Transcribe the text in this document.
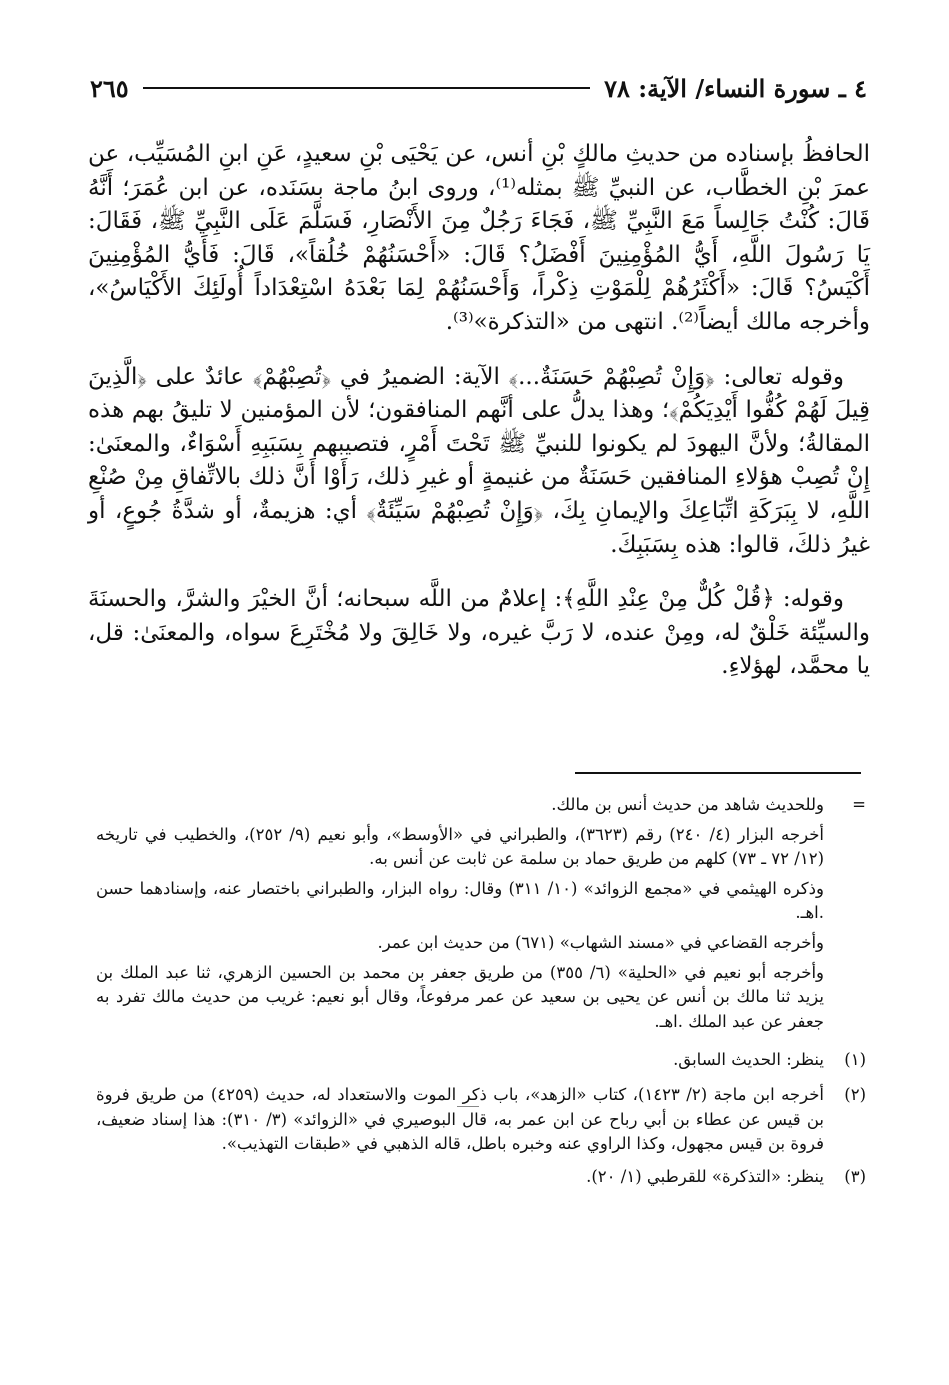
٤ ـ سورة النساء/ الآية: ٧٨
٢٦٥

الحافظُ بإسناده من حديثِ مالكٍ بْنِ أنس، عن يَحْيَى بْنِ سعيدٍ، عَنِ ابنِ المُسَيِّب، عن عمرَ بْنِ الخطَّاب، عن النبيِّ ﷺ بمثله⁽¹⁾، وروى ابنُ ماجة بسَنَده، عن ابن عُمَرَ؛ أَنَّهُ قَالَ: كُنْتُ جَالِساً مَعَ النَّبِيِّ ﷺ، فَجَاءَ رَجُلٌ مِنَ الأَنْصَارِ، فَسَلَّمَ عَلَى النَّبِيِّ ﷺ، فَقَالَ: يَا رَسُولَ اللَّهِ، أَيُّ المُؤْمِنِينَ أَفْضَلُ؟ قَالَ: «أَحْسَنُهُمْ خُلُقاً»، قَالَ: فَأَيُّ المُؤْمِنِينَ أَكْيَسُ؟ قَالَ: «أَكْثَرُهُمْ لِلْمَوْتِ ذِكْراً، وَأَحْسَنُهُمْ لِمَا بَعْدَهُ اسْتِعْدَاداً أُولَئِكَ الأَكْيَاسُ»، وأخرجه مالك أيضاً⁽²⁾. انتهى من «التذكرة»⁽³⁾.

وقوله تعالى: ﴿وَإِنْ تُصِبْهُمْ حَسَنَةٌ...﴾ الآية: الضميرُ في ﴿تُصِبْهُمْ﴾ عائدٌ على ﴿الَّذِينَ قِيلَ لَهُمْ كُفُّوا أَيْدِيَكُمْ﴾؛ وهذا يدلُّ على أنَّهم المنافقون؛ لأن المؤمنين لا تليقُ بهم هذه المقالةُ؛ ولأنَّ اليهودَ لم يكونوا للنبيِّ ﷺ تَحْتَ أَمْرٍ، فتصيبهم بِسَبَبِهِ أَسْوَاءٌ، والمعنَىٰ: إِنْ تُصِبْ هؤلاءِ المنافقين حَسَنَةٌ من غنيمةٍ أو غيرِ ذلك، رَأَوْا أَنَّ ذلك بالاتِّفاقِ مِنْ صُنْعِ اللَّهِ، لا بِبَرَكَةِ اتِّبَاعِكَ والإيمانِ بِكَ، ﴿وَإِنْ تُصِبْهُمْ سَيِّئَةٌ﴾ أي: هزيمةٌ، أو شدَّةُ جُوعٍ، أو غيرُ ذلكَ، قالوا: هذه بِسَبَبِكَ.

وقوله: ﴿قُلْ كُلٌّ مِنْ عِنْدِ اللَّهِ﴾: إعلامٌ من اللَّه سبحانه؛ أنَّ الخيْرَ والشرَّ، والحسنَةَ والسيِّئة خَلْقٌ له، ومِنْ عنده، لا رَبَّ غيره، ولا خَالِقَ ولا مُخْتَرِعَ سواه، والمعنَىٰ: قل، يا محمَّد، لهؤلاءِ.

=
وللحديث شاهد من حديث أنس بن مالك.
أخرجه البزار (٤/ ٢٤٠) رقم (٣٦٢٣)، والطبراني في «الأوسط»، وأبو نعيم (٩/ ٢٥٢)، والخطيب في تاريخه (١٢/ ٧٢ ـ ٧٣) كلهم من طريق حماد بن سلمة عن ثابت عن أنس به.
وذكره الهيثمي في «مجمع الزوائد» (١٠/ ٣١١) وقال: رواه البزار، والطبراني باختصار عنه، وإسنادهما حسن .اهـ.
وأخرجه القضاعي في «مسند الشهاب» (٦٧١) من حديث ابن عمر.
وأخرجه أبو نعيم في «الحلية» (٦/ ٣٥٥) من طريق جعفر بن محمد بن الحسين الزهري، ثنا عبد الملك بن يزيد ثنا مالك بن أنس عن يحيى بن سعيد عن عمر مرفوعاً، وقال أبو نعيم: غريب من حديث مالك تفرد به جعفر عن عبد الملك .اهـ.
(١)
ينظر: الحديث السابق.
(٢)
أخرجه ابن ماجة (٢/ ١٤٢٣)، كتاب «الزهد»، باب ذكر الموت والاستعداد له، حديث (٤٢٥٩) من طريق فروة بن قيس عن عطاء بن أبي رباح عن ابن عمر به، قال البوصيري في «الزوائد» (٣/ ٣١٠): هذا إسناد ضعيف، فروة بن قيس مجهول، وكذا الراوي عنه وخبره باطل، قاله الذهبي في «طبقات التهذيب».
(٣)
ينظر: «التذكرة» للقرطبي (١/ ٢٠).
